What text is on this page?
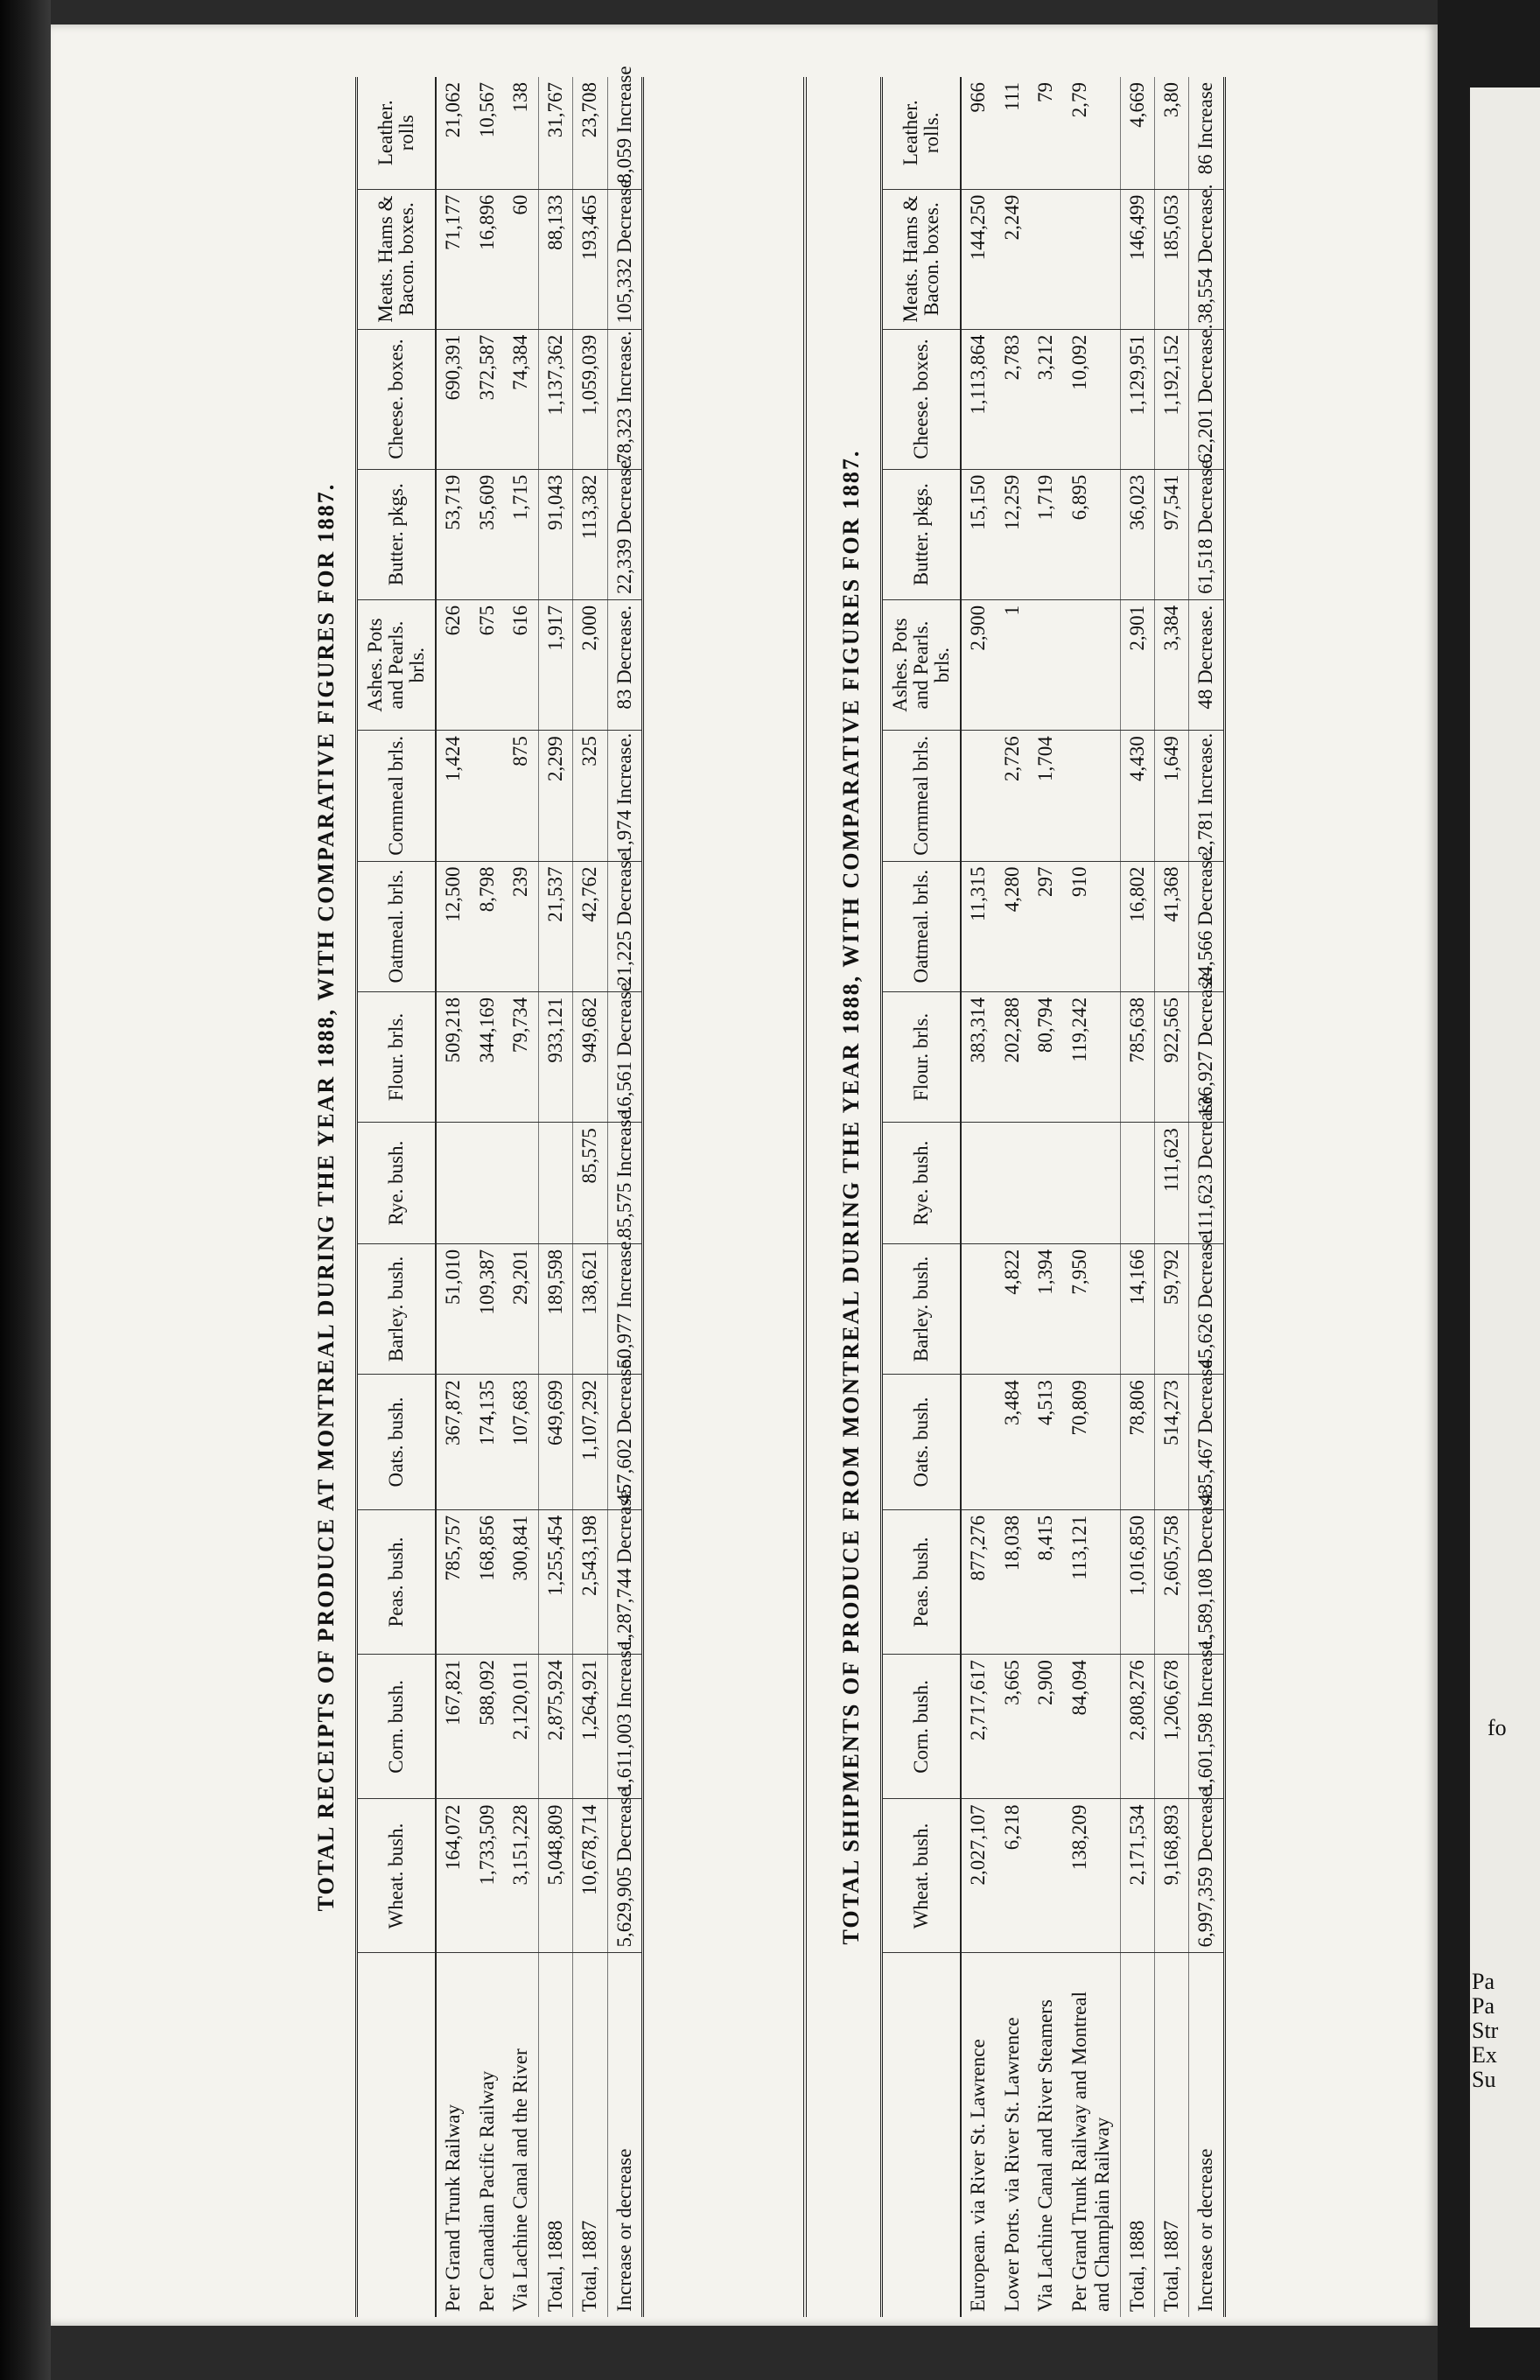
fo
Pa
Pa
Str
Ex
Su
TOTAL RECEIPTS OF PRODUCE AT MONTREAL DURING THE YEAR 1888, WITH COMPARATIVE FIGURES FOR 1887.
	Wheat. bush.	Corn. bush.	Peas. bush.	Oats. bush.	Barley. bush.	Rye. bush.	Flour. brls.	Oatmeal. brls.	Cornmeal brls.	Ashes. Pots and Pearls. brls.	Butter. pkgs.	Cheese. boxes.	Meats. Hams & Bacon. boxes.	Leather. rolls
Per Grand Trunk Railway	164,072	167,821	785,757	367,872	51,010		509,218	12,500	1,424	626	53,719	690,391	71,177	21,062
Per Canadian Pacific Railway	1,733,509	588,092	168,856	174,135	109,387		344,169	8,798		675	35,609	372,587	16,896	10,567
Via Lachine Canal and the River	3,151,228	2,120,011	300,841	107,683	29,201		79,734	239	875	616	1,715	74,384	60	138
Total, 1888	5,048,809	2,875,924	1,255,454	649,699	189,598		933,121	21,537	2,299	1,917	91,043	1,137,362	88,133	31,767
Total, 1887	10,678,714	1,264,921	2,543,198	1,107,292	138,621	85,575	949,682	42,762	325	2,000	113,382	1,059,039	193,465	23,708
Increase or decrease	5,629,905 Decrease.	1,611,003 Increase.	1,287,744 Decrease.	457,602 Decrease.	50,977 Increase.	85,575 Increase.	16,561 Decrease.	21,225 Decrease.	1,974 Increase.	83 Decrease.	22,339 Decrease.	78,323 Increase.	105,332 Decrease.	8,059 Increase
TOTAL SHIPMENTS OF PRODUCE FROM MONTREAL DURING THE YEAR 1888, WITH COMPARATIVE FIGURES FOR 1887.
	Wheat. bush.	Corn. bush.	Peas. bush.	Oats. bush.	Barley. bush.	Rye. bush.	Flour. brls.	Oatmeal. brls.	Cornmeal brls.	Ashes. Pots and Pearls. brls.	Butter. pkgs.	Cheese. boxes.	Meats. Hams & Bacon. boxes.	Leather. rolls.
European. via River St. Lawrence	2,027,107	2,717,617	877,276				383,314	11,315		2,900	15,150	1,113,864	144,250	966
Lower Ports. via River St. Lawrence	6,218	3,665	18,038	3,484	4,822		202,288	4,280	2,726	1	12,259	2,783	2,249	111
Via Lachine Canal and River Steamers		2,900	8,415	4,513	1,394		80,794	297	1,704		1,719	3,212		79
Per Grand Trunk Railway and Montreal and Champlain Railway	138,209	84,094	113,121	70,809	7,950		119,242	910			6,895	10,092		2,79
Total, 1888	2,171,534	2,808,276	1,016,850	78,806	14,166		785,638	16,802	4,430	2,901	36,023	1,129,951	146,499	4,669
Total, 1887	9,168,893	1,206,678	2,605,758	514,273	59,792	111,623	922,565	41,368	1,649	3,384	97,541	1,192,152	185,053	3,80
Increase or decrease	6,997,359 Decrease.	1,601,598 Increase.	1,589,108 Decrease.	435,467 Decrease.	45,626 Decrease.	111,623 Decrease.	136,927 Decrease.	24,566 Decrease.	2,781 Increase.	48 Decrease.	61,518 Decrease.	62,201 Decrease.	38,554 Decrease.	86 Increase
